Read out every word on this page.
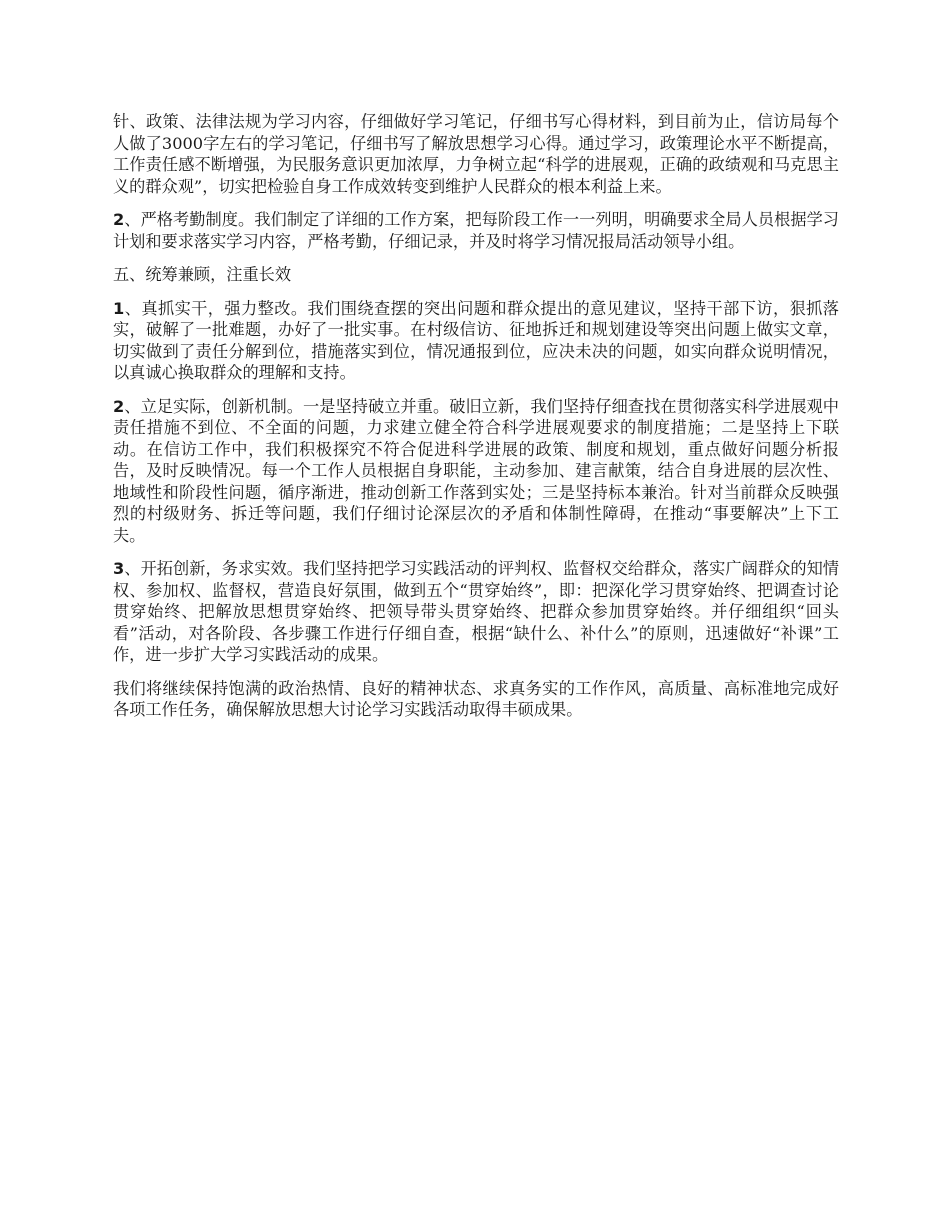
针、政策、法律法规为学习内容，仔细做好学习笔记，仔细书写心得材料，到目前为止，信访局每个人做了3000字左右的学习笔记，仔细书写了解放思想学习心得。通过学习，政策理论水平不断提高，工作责任感不断增强，为民服务意识更加浓厚，力争树立起“科学的进展观，正确的政绩观和马克思主义的群众观”，切实把检验自身工作成效转变到维护人民群众的根本利益上来。

2、严格考勤制度。我们制定了详细的工作方案，把每阶段工作一一列明，明确要求全局人员根据学习计划和要求落实学习内容，严格考勤，仔细记录，并及时将学习情况报局活动领导小组。

五、统筹兼顾，注重长效

1、真抓实干，强力整改。我们围绕查摆的突出问题和群众提出的意见建议，坚持干部下访，狠抓落实，破解了一批难题，办好了一批实事。在村级信访、征地拆迁和规划建设等突出问题上做实文章，切实做到了责任分解到位，措施落实到位，情况通报到位，应决未决的问题，如实向群众说明情况，以真诚心换取群众的理解和支持。

2、立足实际，创新机制。一是坚持破立并重。破旧立新，我们坚持仔细查找在贯彻落实科学进展观中责任措施不到位、不全面的问题，力求建立健全符合科学进展观要求的制度措施；二是坚持上下联动。在信访工作中，我们积极探究不符合促进科学进展的政策、制度和规划，重点做好问题分析报告，及时反映情况。每一个工作人员根据自身职能，主动参加、建言献策，结合自身进展的层次性、地域性和阶段性问题，循序渐进，推动创新工作落到实处；三是坚持标本兼治。针对当前群众反映强烈的村级财务、拆迁等问题，我们仔细讨论深层次的矛盾和体制性障碍，在推动“事要解决”上下工夫。

3、开拓创新，务求实效。我们坚持把学习实践活动的评判权、监督权交给群众，落实广阔群众的知情权、参加权、监督权，营造良好氛围，做到五个“贯穿始终”，即：把深化学习贯穿始终、把调查讨论贯穿始终、把解放思想贯穿始终、把领导带头贯穿始终、把群众参加贯穿始终。并仔细组织“回头看”活动，对各阶段、各步骤工作进行仔细自查，根据“缺什么、补什么”的原则，迅速做好“补课”工作，进一步扩大学习实践活动的成果。

我们将继续保持饱满的政治热情、良好的精神状态、求真务实的工作作风，高质量、高标准地完成好各项工作任务，确保解放思想大讨论学习实践活动取得丰硕成果。
